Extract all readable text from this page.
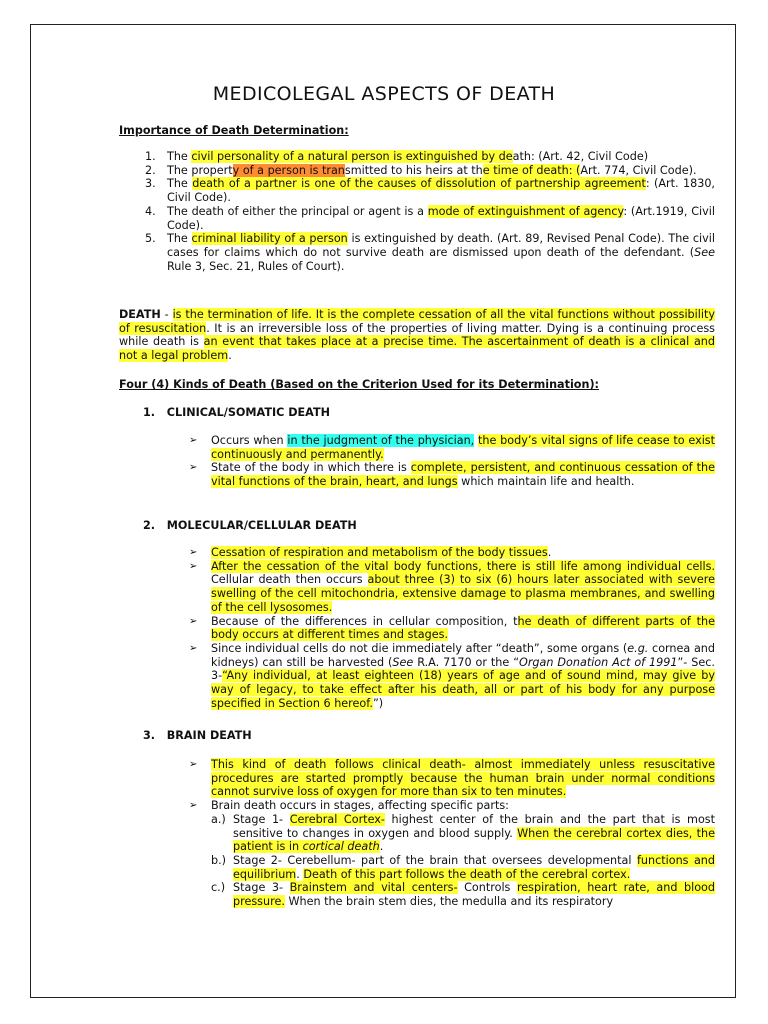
MEDICOLEGAL ASPECTS OF DEATH
Importance of Death Determination:
1. The civil personality of a natural person is extinguished by death: (Art. 42, Civil Code)
2. The property of a person is transmitted to his heirs at the time of death: (Art. 774, Civil Code).
3. The death of a partner is one of the causes of dissolution of partnership agreement: (Art. 1830, Civil Code).
4. The death of either the principal or agent is a mode of extinguishment of agency: (Art.1919, Civil Code).
5. The criminal liability of a person is extinguished by death. (Art. 89, Revised Penal Code). The civil cases for claims which do not survive death are dismissed upon death of the defendant. (See Rule 3, Sec. 21, Rules of Court).
DEATH - is the termination of life. It is the complete cessation of all the vital functions without possibility of resuscitation. It is an irreversible loss of the properties of living matter. Dying is a continuing process while death is an event that takes place at a precise time. The ascertainment of death is a clinical and not a legal problem.
Four (4) Kinds of Death (Based on the Criterion Used for its Determination):
1. CLINICAL/SOMATIC DEATH
➢ Occurs when in the judgment of the physician, the body’s vital signs of life cease to exist continuously and permanently.
➢ State of the body in which there is complete, persistent, and continuous cessation of the vital functions of the brain, heart, and lungs which maintain life and health.
2. MOLECULAR/CELLULAR DEATH
➢ Cessation of respiration and metabolism of the body tissues.
➢ After the cessation of the vital body functions, there is still life among individual cells. Cellular death then occurs about three (3) to six (6) hours later associated with severe swelling of the cell mitochondria, extensive damage to plasma membranes, and swelling of the cell lysosomes.
➢ Because of the differences in cellular composition, the death of different parts of the body occurs at different times and stages.
➢ Since individual cells do not die immediately after “death”, some organs (e.g. cornea and kidneys) can still be harvested (See R.A. 7170 or the “Organ Donation Act of 1991”- Sec. 3-“Any individual, at least eighteen (18) years of age and of sound mind, may give by way of legacy, to take effect after his death, all or part of his body for any purpose specified in Section 6 hereof.”)
3. BRAIN DEATH
➢ This kind of death follows clinical death- almost immediately unless resuscitative procedures are started promptly because the human brain under normal conditions cannot survive loss of oxygen for more than six to ten minutes.
➢ Brain death occurs in stages, affecting specific parts:
a.) Stage 1- Cerebral Cortex- highest center of the brain and the part that is most sensitive to changes in oxygen and blood supply. When the cerebral cortex dies, the patient is in cortical death.
b.) Stage 2- Cerebellum- part of the brain that oversees developmental functions and equilibrium. Death of this part follows the death of the cerebral cortex.
c.) Stage 3- Brainstem and vital centers- Controls respiration, heart rate, and blood pressure. When the brain stem dies, the medulla and its respiratory
